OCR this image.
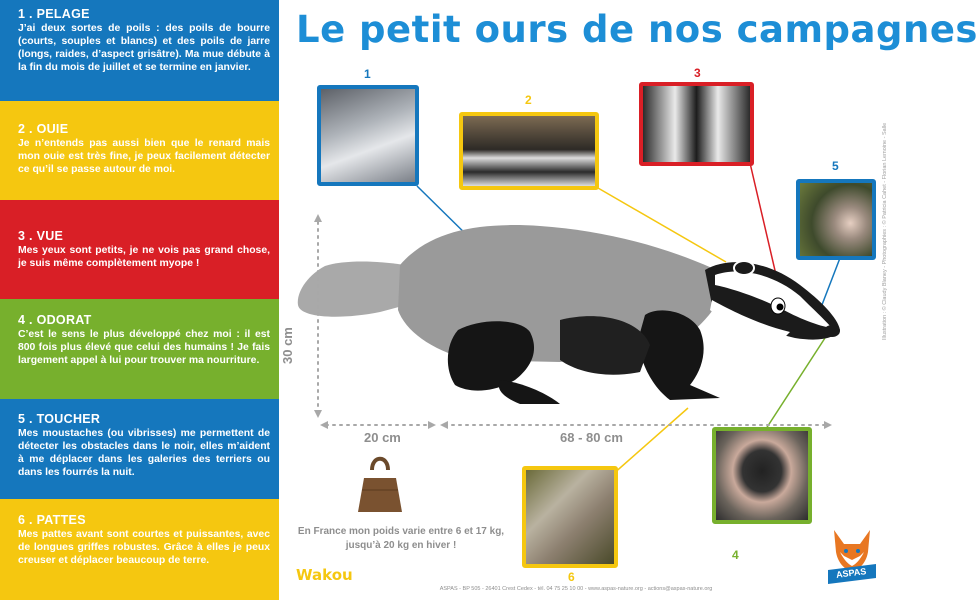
1 . PELAGE
J’ai deux sortes de poils : des poils de bourre (courts, souples et blancs) et des poils de jarre (longs, raides, d’aspect grisâtre). Ma mue débute à la fin du mois de juillet et se termine en janvier.
2 . OUIE
Je n’entends pas aussi bien que le renard mais mon ouie est très fine, je peux facilement détecter ce qu’il se passe autour de moi.
3 . VUE
Mes yeux sont petits, je ne vois pas grand chose, je suis même complètement myope !
4 . ODORAT
C’est le sens le plus développé chez moi : il est 800 fois plus élevé que celui des humains ! Je fais largement appel à lui pour trouver ma nourriture.
5 . TOUCHER
Mes moustaches (ou vibrisses) me permettent de détecter les obstacles dans le noir, elles m’aident à me déplacer dans les galeries des terriers ou dans les fourrés la nuit.
6 . PATTES
Mes pattes avant sont courtes et puissantes, avec de longues griffes robustes. Grâce à elles je peux creuser et déplacer beaucoup de terre.
Le petit ours de nos campagnes
1
2
3
5
4
6
30 cm
20 cm	68 - 80 cm
En France mon poids varie entre 6 et 17 kg, jusqu’à 20 kg en hiver !
Wakou
ASPAS - BP 505 - 26401 Crest Cedex - tél. 04 75 25 10 00 - www.aspas-nature.org - actions@aspas-nature.org
Illustration : © Claudy Blaney - Photographies : © Patricia Cahet - Florian Lemoine - Salle
ASPAS
